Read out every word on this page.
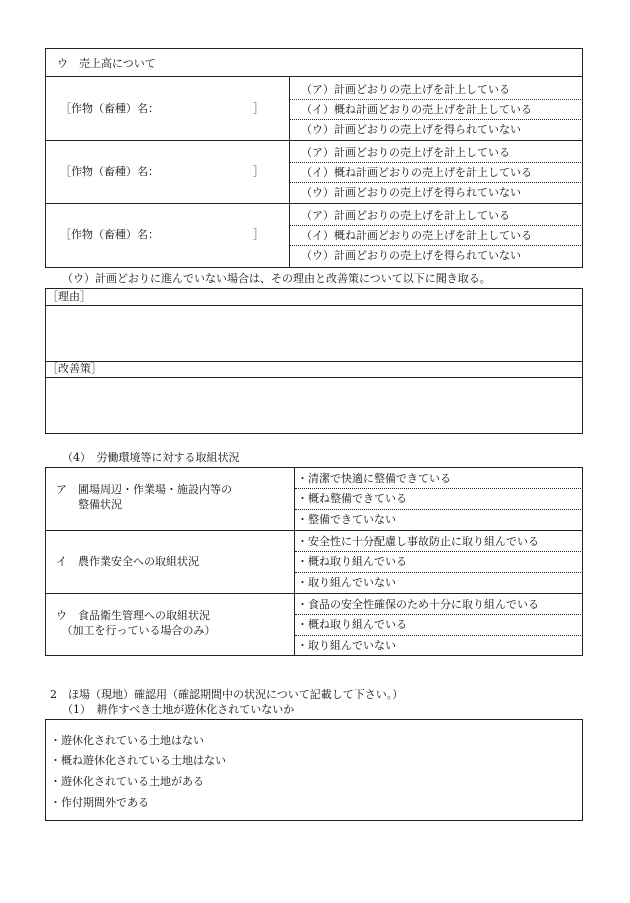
ウ　売上高について
［作物（畜種）名：	］
（ア）計画どおりの売上げを計上している
（イ）概ね計画どおりの売上げを計上している
（ウ）計画どおりの売上げを得られていない
［作物（畜種）名：	］
（ア）計画どおりの売上げを計上している
（イ）概ね計画どおりの売上げを計上している
（ウ）計画どおりの売上げを得られていない
［作物（畜種）名：	］
（ア）計画どおりの売上げを計上している
（イ）概ね計画どおりの売上げを計上している
（ウ）計画どおりの売上げを得られていない
（ウ）計画どおりに進んでいない場合は、その理由と改善策について以下に聞き取る。
［理由］
［改善策］
（4）　労働環境等に対する取組状況
ア　圃場周辺・作業場・施設内等の
　　整備状況
・清潔で快適に整備できている
・概ね整備できている
・整備できていない
イ　農作業安全への取組状況
・安全性に十分配慮し事故防止に取り組んでいる
・概ね取り組んでいる
・取り組んでいない
ウ　食品衛生管理への取組状況
　（加工を行っている場合のみ）
・食品の安全性確保のため十分に取り組んでいる
・概ね取り組んでいる
・取り組んでいない
2　ほ場（現地）確認用（確認期間中の状況について記載して下さい。）
（1）　耕作すべき土地が遊休化されていないか
・遊休化されている土地はない
・概ね遊休化されている土地はない
・遊休化されている土地がある
・作付期間外である
